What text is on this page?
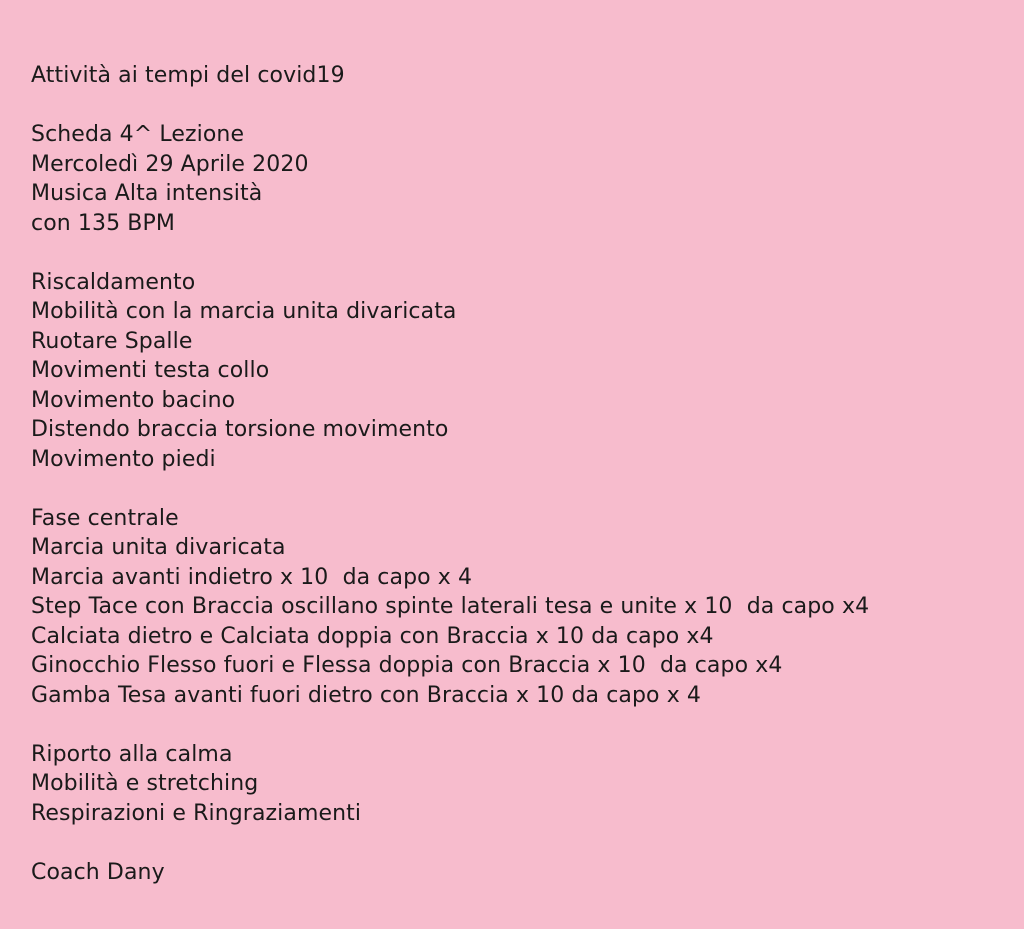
Attività ai tempi del covid19
Scheda 4^ Lezione
Mercoledì 29 Aprile 2020
Musica Alta intensità
con 135 BPM
Riscaldamento
Mobilità con la marcia unita divaricata
Ruotare Spalle
Movimenti testa collo
Movimento bacino
Distendo braccia torsione movimento
Movimento piedi
Fase centrale
Marcia unita divaricata
Marcia avanti indietro x 10  da capo x 4
Step Tace con Braccia oscillano spinte laterali tesa e unite x 10  da capo x4
Calciata dietro e Calciata doppia con Braccia x 10 da capo x4
Ginocchio Flesso fuori e Flessa doppia con Braccia x 10  da capo x4
Gamba Tesa avanti fuori dietro con Braccia x 10 da capo x 4
Riporto alla calma
Mobilità e stretching
Respirazioni e Ringraziamenti
Coach Dany
